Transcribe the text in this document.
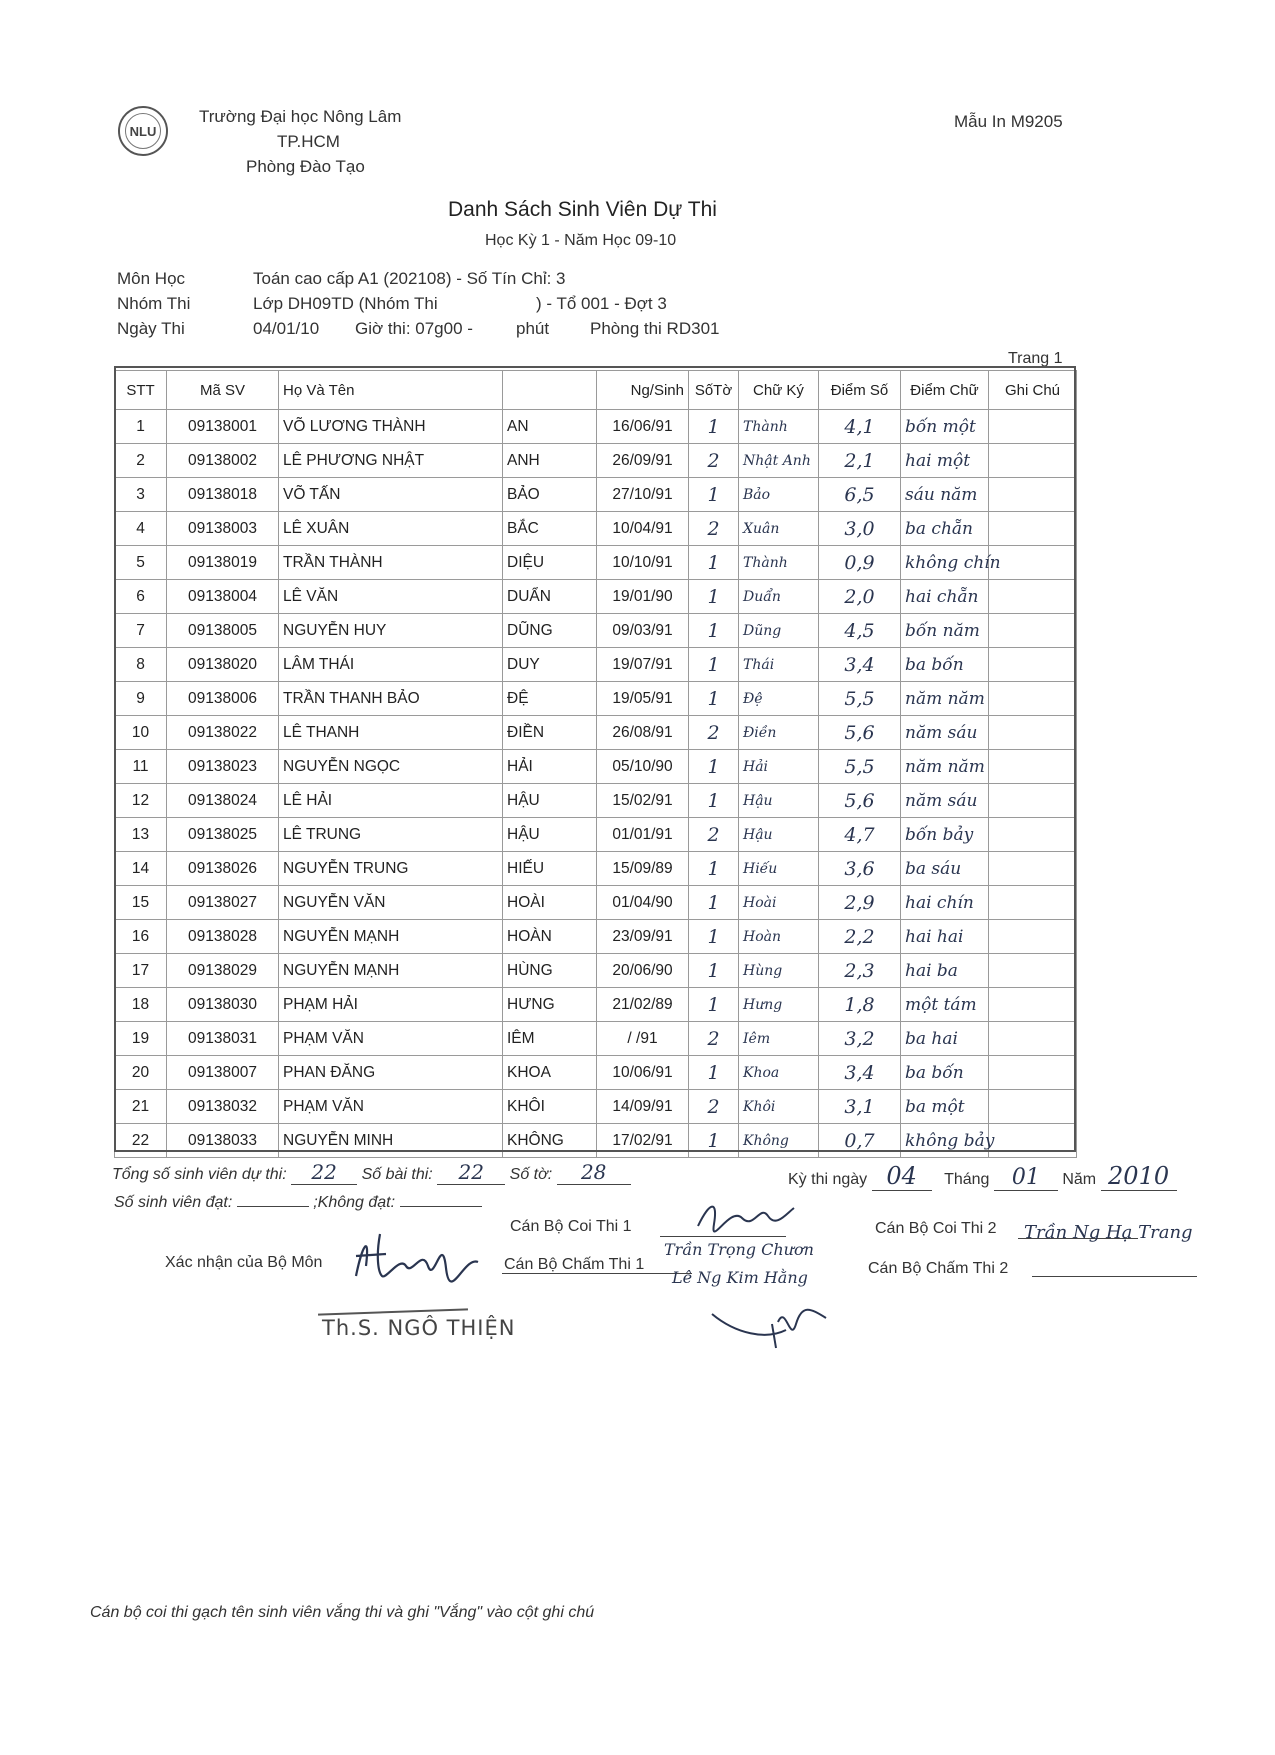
NLU
Trường Đại học Nông Lâm
TP.HCM
Phòng Đào Tạo
Mẫu In M9205
Danh Sách Sinh Viên Dự Thi
Học Kỳ 1 - Năm Học 09-10
Môn Học	Toán cao cấp A1 (202108) - Số Tín Chỉ: 3
Nhóm Thi	Lớp DH09TD (Nhóm Thi	) - Tổ 001 - Đợt 3
Ngày Thi	04/01/10 Giờ thi: 07g00 -	phút Phòng thi RD301
Trang 1
STT	Mã SV	Họ Và Tên		Ng/Sinh	SốTờ	Chữ Ký	Điểm Số	Điểm Chữ	Ghi Chú
1	09138001	VÕ LƯƠNG THÀNH	AN	16/06/91	1	Thành	4,1	bốn một	
2	09138002	LÊ PHƯƠNG NHẬT	ANH	26/09/91	2	Nhật Anh	2,1	hai một	
3	09138018	VÕ TẤN	BẢO	27/10/91	1	Bảo	6,5	sáu năm	
4	09138003	LÊ XUÂN	BẮC	10/04/91	2	Xuân	3,0	ba chẵn	
5	09138019	TRẦN THÀNH	DIỆU	10/10/91	1	Thành	0,9	không chín	
6	09138004	LÊ VĂN	DUẨN	19/01/90	1	Duẩn	2,0	hai chẵn	
7	09138005	NGUYỄN HUY	DŨNG	09/03/91	1	Dũng	4,5	bốn năm	
8	09138020	LÂM THÁI	DUY	19/07/91	1	Thái	3,4	ba bốn	
9	09138006	TRẦN THANH BẢO	ĐỆ	19/05/91	1	Đệ	5,5	năm năm	
10	09138022	LÊ THANH	ĐIỀN	26/08/91	2	Điền	5,6	năm sáu	
11	09138023	NGUYỄN NGỌC	HẢI	05/10/90	1	Hải	5,5	năm năm	
12	09138024	LÊ HẢI	HẬU	15/02/91	1	Hậu	5,6	năm sáu	
13	09138025	LÊ TRUNG	HẬU	01/01/91	2	Hậu	4,7	bốn bảy	
14	09138026	NGUYỄN TRUNG	HIẾU	15/09/89	1	Hiếu	3,6	ba sáu	
15	09138027	NGUYỄN VĂN	HOÀI	01/04/90	1	Hoài	2,9	hai chín	
16	09138028	NGUYỄN MẠNH	HOÀN	23/09/91	1	Hoàn	2,2	hai hai	
17	09138029	NGUYỄN MẠNH	HÙNG	20/06/90	1	Hùng	2,3	hai ba	
18	09138030	PHẠM HẢI	HƯNG	21/02/89	1	Hưng	1,8	một tám	
19	09138031	PHẠM VĂN	IÊM	/ /91	2	Iêm	3,2	ba hai	
20	09138007	PHAN ĐĂNG	KHOA	10/06/91	1	Khoa	3,4	ba bốn	
21	09138032	PHẠM VĂN	KHÔI	14/09/91	2	Khôi	3,1	ba một	
22	09138033	NGUYỄN MINH	KHÔNG	17/02/91	1	Không	0,7	không bảy	
Tổng số sinh viên dự thi: 22 Số bài thi: 22 Số tờ: 28	Kỳ thi ngày 04 Tháng 01 Năm 2010
Số sinh viên đạt:	;Không đạt:
Cán Bộ Coi Thi 1	Cán Bộ Coi Thi 2 Trần Ng Hạ Trang
Xác nhận của Bộ Môn	Cán Bộ Chấm Thi 1
Trần Trọng Chươn
Lê Ng Kim Hằng	Cán Bộ Chấm Thi 2
Th.S. NGÔ THIỆN
Cán bộ coi thi gạch tên sinh viên vắng thi và ghi "Vắng" vào cột ghi chú
